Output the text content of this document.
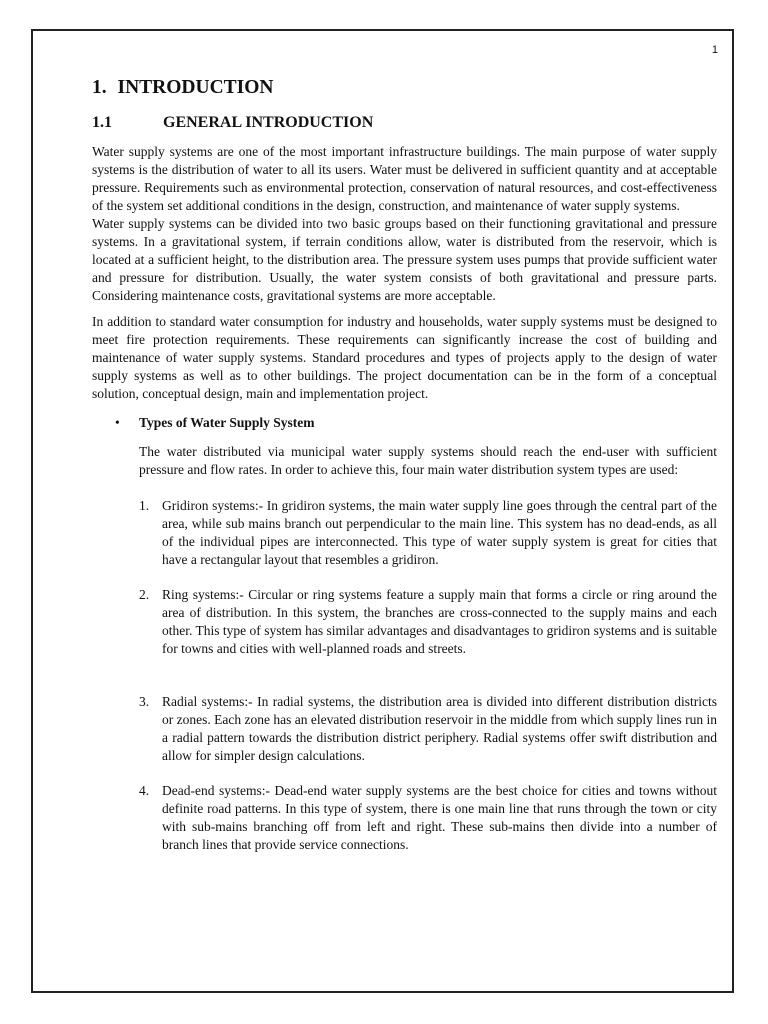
1
1. INTRODUCTION
1.1	GENERAL INTRODUCTION

Water supply systems are one of the most important infrastructure buildings. The main purpose of water supply systems is the distribution of water to all its users. Water must be delivered in sufficient quantity and at acceptable pressure. Requirements such as environmental protection, conservation of natural resources, and cost-effectiveness of the system set additional conditions in the design, construction, and maintenance of water supply systems.

Water supply systems can be divided into two basic groups based on their functioning gravitational and pressure systems. In a gravitational system, if terrain conditions allow, water is distributed from the reservoir, which is located at a sufficient height, to the distribution area. The pressure system uses pumps that provide sufficient water and pressure for distribution. Usually, the water system consists of both gravitational and pressure parts. Considering maintenance costs, gravitational systems are more acceptable.

In addition to standard water consumption for industry and households, water supply systems must be designed to meet fire protection requirements. These requirements can significantly increase the cost of building and maintenance of water supply systems. Standard procedures and types of projects apply to the design of water supply systems as well as to other buildings. The project documentation can be in the form of a conceptual solution, conceptual design, main and implementation project.

• Types of Water Supply System

The water distributed via municipal water supply systems should reach the end-user with sufficient pressure and flow rates. In order to achieve this, four main water distribution system types are used:

1. Gridiron systems:- In gridiron systems, the main water supply line goes through the central part of the area, while sub mains branch out perpendicular to the main line. This system has no dead-ends, as all of the individual pipes are interconnected. This type of water supply system is great for cities that have a rectangular layout that resembles a gridiron.
2. Ring systems:- Circular or ring systems feature a supply main that forms a circle or ring around the area of distribution. In this system, the branches are cross-connected to the supply mains and each other. This type of system has similar advantages and disadvantages to gridiron systems and is suitable for towns and cities with well-planned roads and streets.
3. Radial systems:- In radial systems, the distribution area is divided into different distribution districts or zones. Each zone has an elevated distribution reservoir in the middle from which supply lines run in a radial pattern towards the distribution district periphery. Radial systems offer swift distribution and allow for simpler design calculations.
4. Dead-end systems:- Dead-end water supply systems are the best choice for cities and towns without definite road patterns. In this type of system, there is one main line that runs through the town or city with sub-mains branching off from left and right. These sub-mains then divide into a number of branch lines that provide service connections.
